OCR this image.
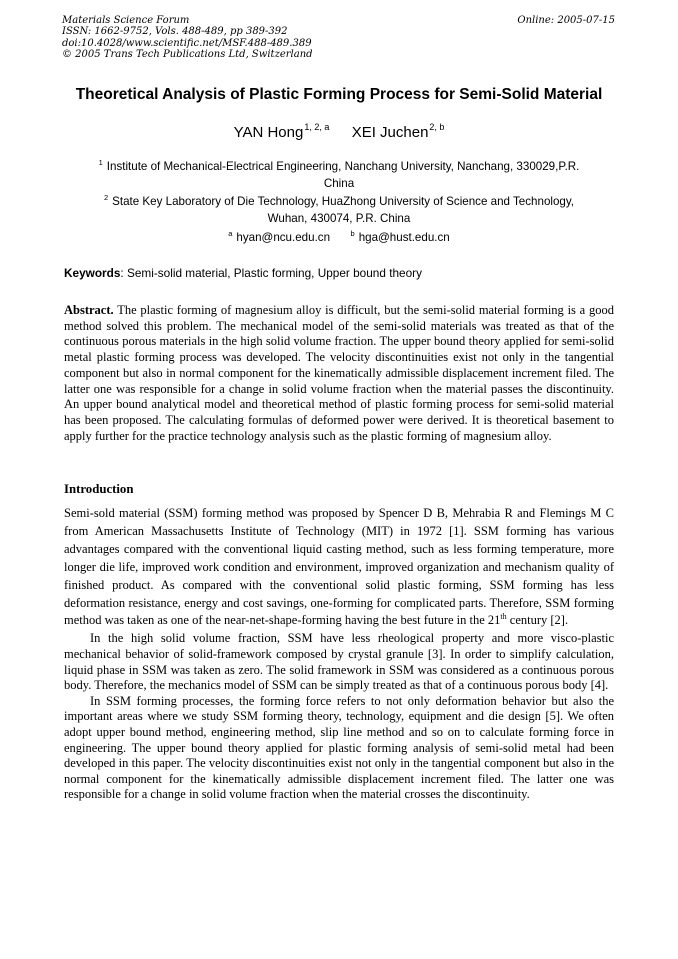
Materials Science Forum
ISSN: 1662-9752, Vols. 488-489, pp 389-392
doi:10.4028/www.scientific.net/MSF.488-489.389
© 2005 Trans Tech Publications Ltd, Switzerland
Online: 2005-07-15
Theoretical Analysis of Plastic Forming Process for Semi-Solid Material
YAN Hong$^{1, 2, a}$ XEI Juchen$^{2, b}$
$^1$ Institute of Mechanical-Electrical Engineering, Nanchang University, Nanchang, 330029,P.R.
China
$^2$ State Key Laboratory of Die Technology, HuaZhong University of Science and Technology,
Wuhan, 430074, P.R. China
$^a$ hyan@ncu.edu.cn	$^b$ hga@hust.edu.cn
Keywords: Semi-solid material, Plastic forming, Upper bound theory
Abstract. The plastic forming of magnesium alloy is difficult, but the semi-solid material forming is a good method solved this problem. The mechanical model of the semi-solid materials was treated as that of the continuous porous materials in the high solid volume fraction. The upper bound theory applied for semi-solid metal plastic forming process was developed. The velocity discontinuities exist not only in the tangential component but also in normal component for the kinematically admissible displacement increment filed. The latter one was responsible for a change in solid volume fraction when the material passes the discontinuity. An upper bound analytical model and theoretical method of plastic forming process for semi-solid material has been proposed. The calculating formulas of deformed power were derived. It is theoretical basement to apply further for the practice technology analysis such as the plastic forming of magnesium alloy.
Introduction

Semi-sold material (SSM) forming method was proposed by Spencer D B, Mehrabia R and Flemings M C from American Massachusetts Institute of Technology (MIT) in 1972 [1]. SSM forming has various advantages compared with the conventional liquid casting method, such as less forming temperature, more longer die life, improved work condition and environment, improved organization and mechanism quality of finished product. As compared with the conventional solid plastic forming, SSM forming has less deformation resistance, energy and cost savings, one-forming for complicated parts. Therefore, SSM forming method was taken as one of the near-net-shape-forming having the best future in the 21th century [2].

In the high solid volume fraction, SSM have less rheological property and more visco-plastic mechanical behavior of solid-framework composed by crystal granule [3]. In order to simplify calculation, liquid phase in SSM was taken as zero. The solid framework in SSM was considered as a continuous porous body. Therefore, the mechanics model of SSM can be simply treated as that of a continuous porous body [4].

In SSM forming processes, the forming force refers to not only deformation behavior but also the important areas where we study SSM forming theory, technology, equipment and die design [5]. We often adopt upper bound method, engineering method, slip line method and so on to calculate forming force in engineering. The upper bound theory applied for plastic forming analysis of semi-solid metal had been developed in this paper. The velocity discontinuities exist not only in the tangential component but also in the normal component for the kinematically admissible displacement increment filed. The latter one was responsible for a change in solid volume fraction when the material crosses the discontinuity.
